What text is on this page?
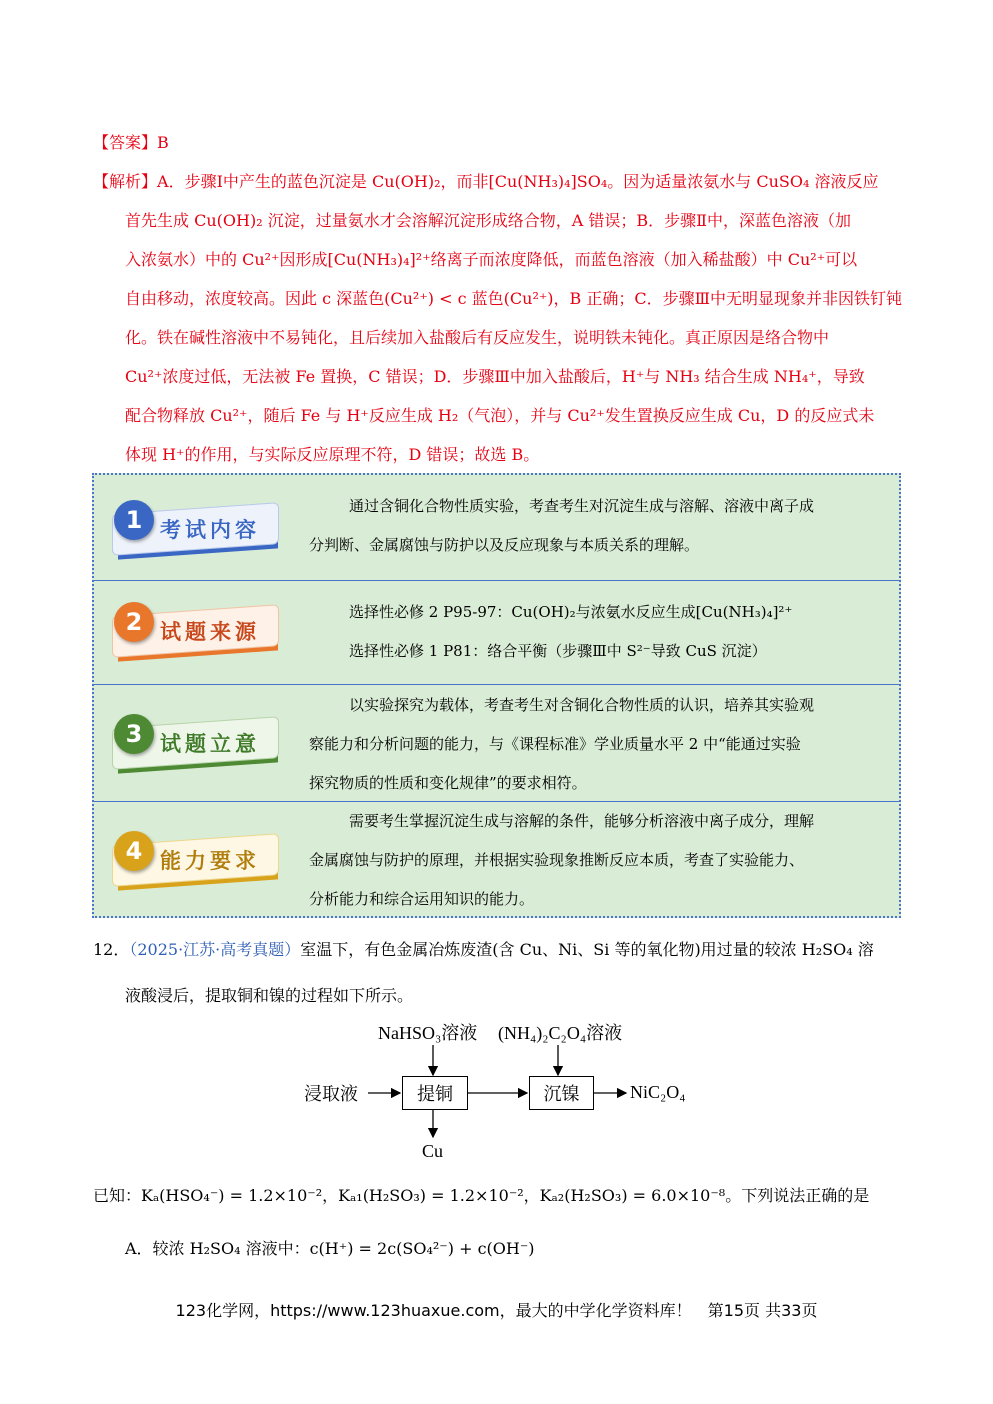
【答案】B
【解析】A．步骤Ⅰ中产生的蓝色沉淀是 Cu(OH)₂，而非[Cu(NH₃)₄]SO₄。因为适量浓氨水与 CuSO₄ 溶液反应
首先生成 Cu(OH)₂ 沉淀，过量氨水才会溶解沉淀形成络合物，A 错误；B．步骤Ⅱ中，深蓝色溶液（加
入浓氨水）中的 Cu²⁺因形成[Cu(NH₃)₄]²⁺络离子而浓度降低，而蓝色溶液（加入稀盐酸）中 Cu²⁺可以
自由移动，浓度较高。因此 c 深蓝色(Cu²⁺) < c 蓝色(Cu²⁺)，B 正确；C．步骤Ⅲ中无明显现象并非因铁钉钝
化。铁在碱性溶液中不易钝化，且后续加入盐酸后有反应发生，说明铁未钝化。真正原因是络合物中
Cu²⁺浓度过低，无法被 Fe 置换，C 错误；D．步骤Ⅲ中加入盐酸后，H⁺与 NH₃ 结合生成 NH₄⁺，导致
配合物释放 Cu²⁺，随后 Fe 与 H⁺反应生成 H₂（气泡），并与 Cu²⁺发生置换反应生成 Cu，D 的反应式未
体现 H⁺的作用，与实际反应原理不符，D 错误；故选 B。
1 考试内容
通过含铜化合物性质实验，考查考生对沉淀生成与溶解、溶液中离子成
分判断、金属腐蚀与防护以及反应现象与本质关系的理解。
2 试题来源
选择性必修 2 P95-97：Cu(OH)₂与浓氨水反应生成[Cu(NH₃)₄]²⁺
选择性必修 1 P81：络合平衡（步骤Ⅲ中 S²⁻导致 CuS 沉淀）
3 试题立意
以实验探究为载体，考查考生对含铜化合物性质的认识，培养其实验观
察能力和分析问题的能力，与《课程标准》学业质量水平 2 中“能通过实验
探究物质的性质和变化规律”的要求相符。
4 能力要求
需要考生掌握沉淀生成与溶解的条件，能够分析溶液中离子成分，理解
金属腐蚀与防护的原理，并根据实验现象推断反应本质，考查了实验能力、
分析能力和综合运用知识的能力。
12．（2025·江苏·高考真题）室温下，有色金属冶炼废渣(含 Cu、Ni、Si 等的氧化物)用过量的较浓 H₂SO₄ 溶
液酸浸后，提取铜和镍的过程如下所示。
NaHSO₃溶液 (NH₄)₂C₂O₄溶液
浸取液	提铜	沉镍	NiC₂O₄
Cu
已知：Kₐ(HSO₄⁻) = 1.2×10⁻²，Kₐ₁(H₂SO₃) = 1.2×10⁻²，Kₐ₂(H₂SO₃) = 6.0×10⁻⁸。下列说法正确的是
A．较浓 H₂SO₄ 溶液中：c(H⁺) = 2c(SO₄²⁻) + c(OH⁻)
123化学网，https://www.123huaxue.com，最大的中学化学资料库！　第15页 共33页
